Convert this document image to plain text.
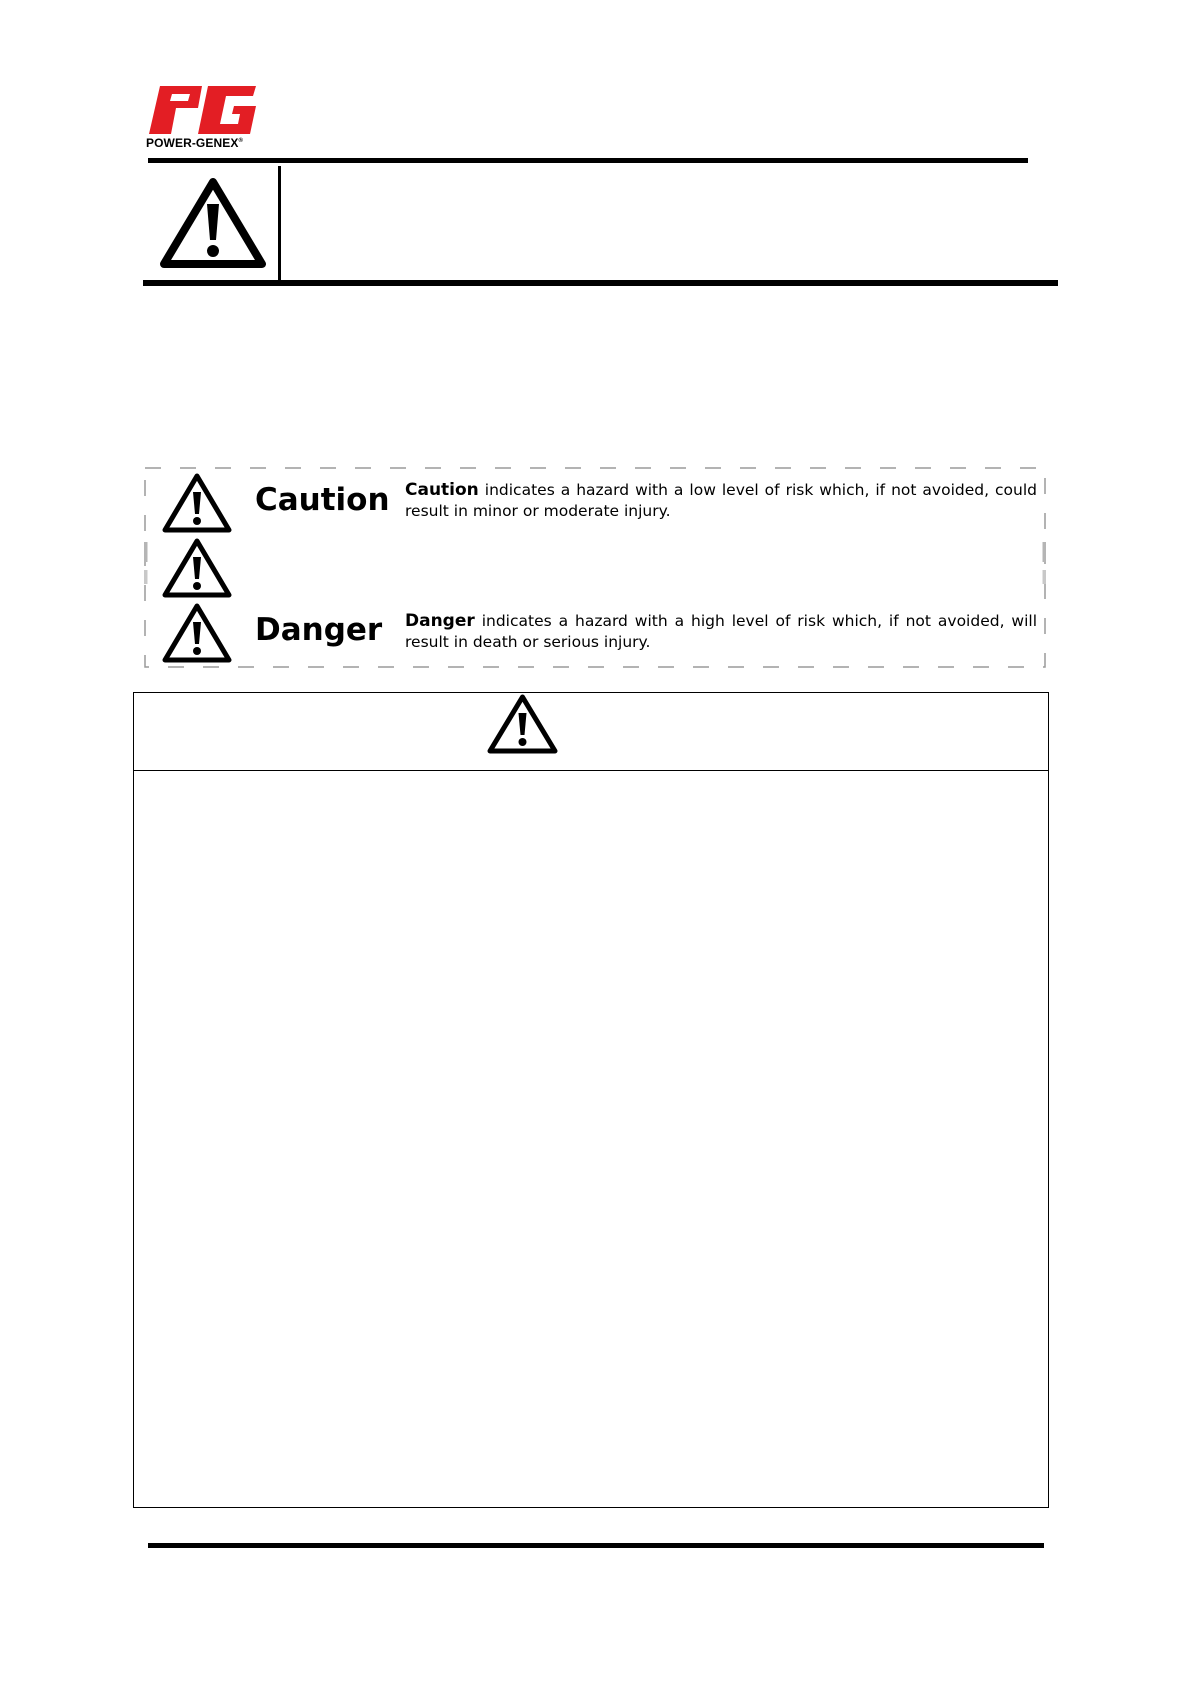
POWER-GENEX®
Caution Caution indicates a hazard with a low level of risk which, if not avoided, could result in minor or moderate injury.
Danger Danger indicates a hazard with a high level of risk which, if not avoided, will result in death or serious injury.
